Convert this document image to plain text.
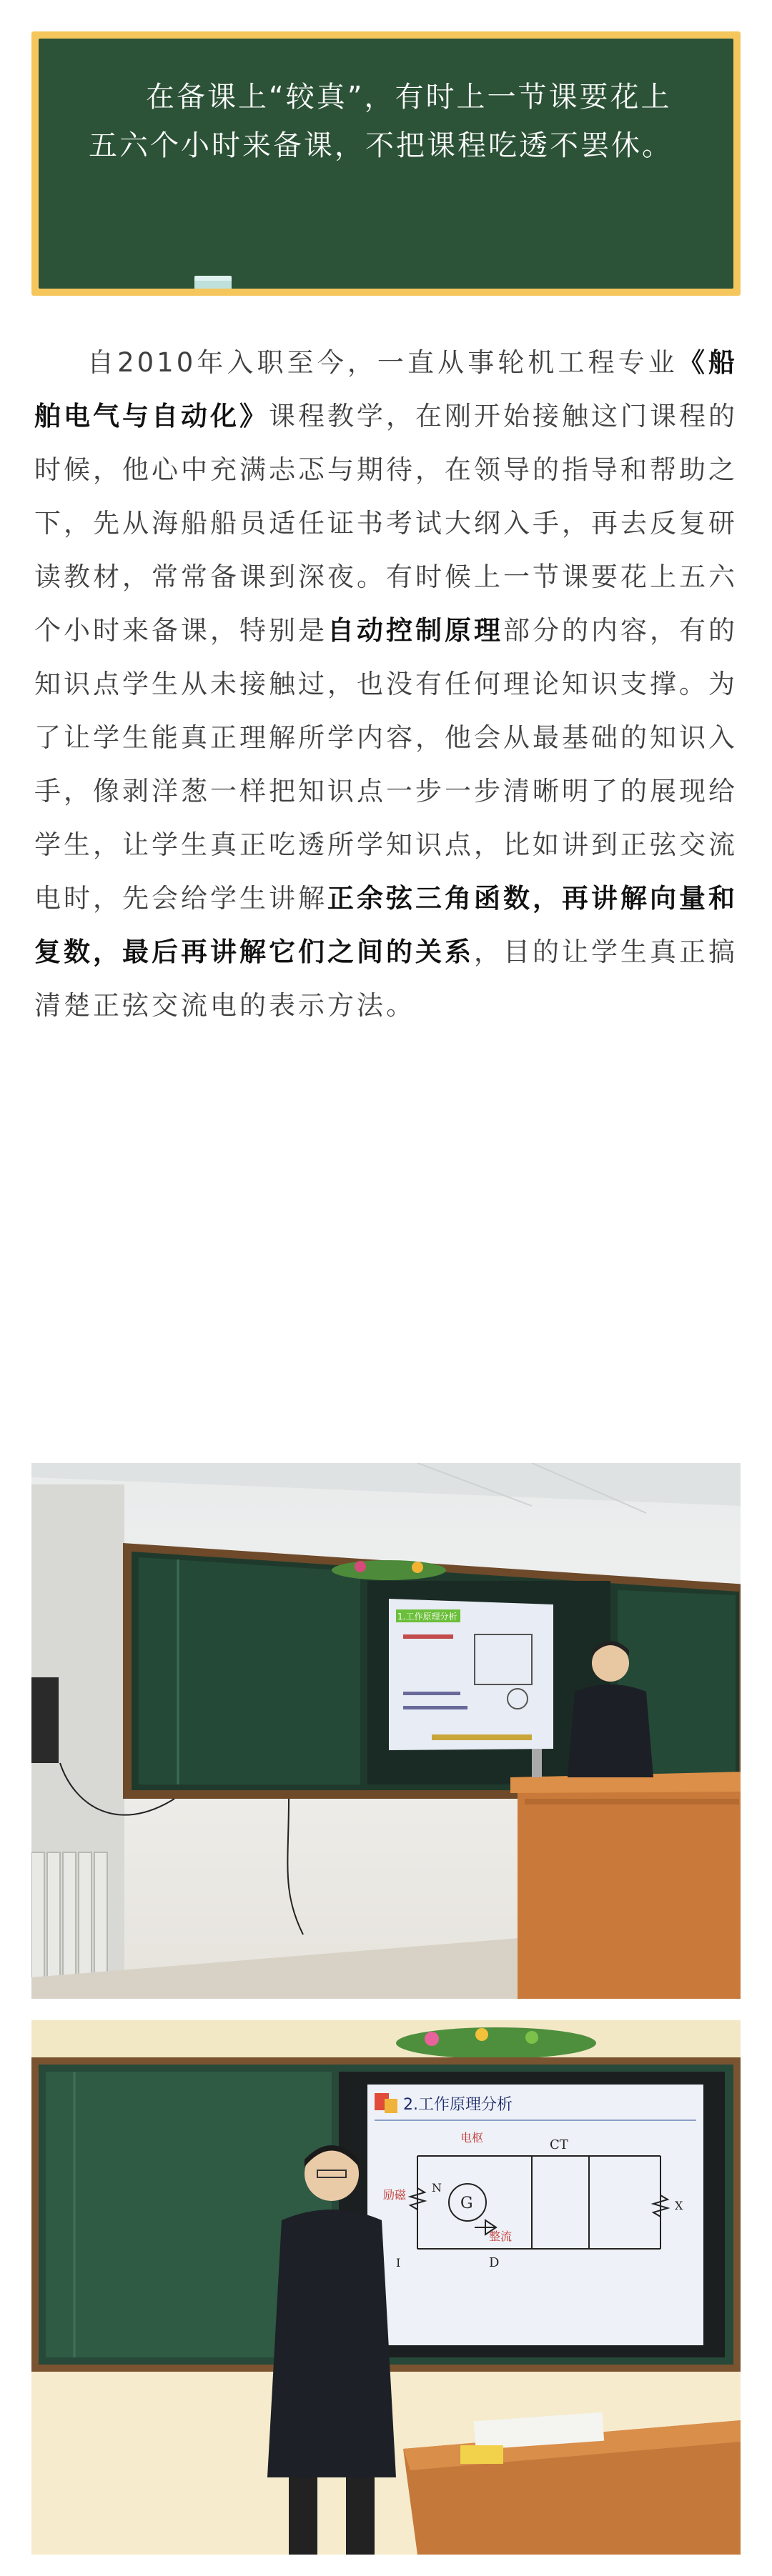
在备课上“较真”，有时上一节课要花上五六个小时来备课，不把课程吃透不罢休。

自2010年入职至今，一直从事轮机工程专业《船舶电气与自动化》课程教学，在刚开始接触这门课程的时候，他心中充满忐忑与期待，在领导的指导和帮助之下，先从海船船员适任证书考试大纲入手，再去反复研读教材，常常备课到深夜。有时候上一节课要花上五六个小时来备课，特别是自动控制原理部分的内容，有的知识点学生从未接触过，也没有任何理论知识支撑。为了让学生能真正理解所学内容，他会从最基础的知识入手，像剥洋葱一样把知识点一步一步清晰明了的展现给学生，让学生真正吃透所学知识点，比如讲到正弦交流电时，先会给学生讲解正余弦三角函数，再讲解向量和复数，最后再讲解它们之间的关系，目的让学生真正搞清楚正弦交流电的表示方法。

1.工作原理分析
2.工作原理分析
G
CT
D
励磁
N
I
X
电枢
整流
